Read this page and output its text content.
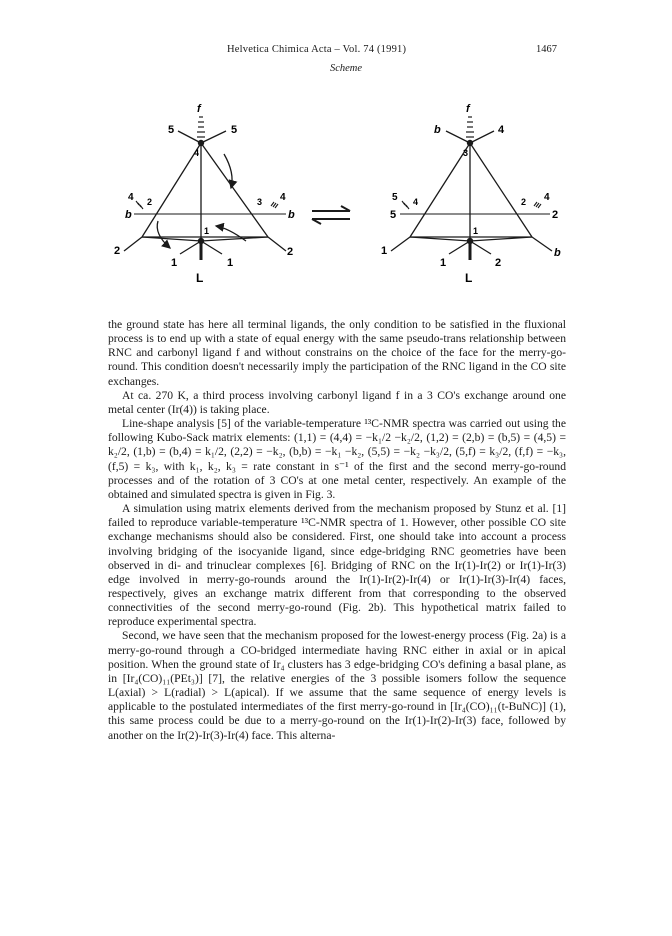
Helvetica Chimica Acta – Vol. 74 (1991)	1467
Scheme
f
5	5
4
4 2
b
2
3 4
b
2
1
1	1
L
f
b	4
3
5 4
5
1
2 4
2
b
1
1	2
L

the ground state has here all terminal ligands, the only condition to be satisfied in the fluxional process is to end up with a state of equal energy with the same pseudo-trans relationship between RNC and carbonyl ligand f and without constrains on the choice of the face for the merry-go-round. This condition doesn't necessarily imply the participation of the RNC ligand in the CO site exchanges.

At ca. 270 K, a third process involving carbonyl ligand f in a 3 CO's exchange around one metal center (Ir(4)) is taking place.

Line-shape analysis [5] of the variable-temperature ¹³C-NMR spectra was carried out using the following Kubo-Sack matrix elements: (1,1) = (4,4) = −k₁/2 −k₂/2, (1,2) = (2,b) = (b,5) = (4,5) = k₂/2, (1,b) = (b,4) = k₁/2, (2,2) = −k₂, (b,b) = −k₁ −k₂, (5,5) = −k₂ −k₃/2, (5,f) = k₃/2, (f,f) = −k₃, (f,5) = k₃, with k₁, k₂, k₃ = rate constant in s⁻¹ of the first and the second merry-go-round processes and of the rotation of 3 CO's at one metal center, respectively. An example of the obtained and simulated spectra is given in Fig. 3.

A simulation using matrix elements derived from the mechanism proposed by Stunz et al. [1] failed to reproduce variable-temperature ¹³C-NMR spectra of 1. However, other possible CO site exchange mechanisms should also be considered. First, one should take into account a process involving bridging of the isocyanide ligand, since edge-bridging RNC geometries have been observed in di- and trinuclear complexes [6]. Bridging of RNC on the Ir(1)-Ir(2) or Ir(1)-Ir(3) edge involved in merry-go-rounds around the Ir(1)-Ir(2)-Ir(4) or Ir(1)-Ir(3)-Ir(4) faces, respectively, gives an exchange matrix different from that corresponding to the observed connectivities of the second merry-go-round (Fig. 2b). This hypothetical matrix failed to reproduce experimental spectra.

Second, we have seen that the mechanism proposed for the lowest-energy process (Fig. 2a) is a merry-go-round through a CO-bridged intermediate having RNC either in axial or in apical position. When the ground state of Ir₄ clusters has 3 edge-bridging CO's defining a basal plane, as in [Ir₄(CO)₁₁(PEt₃)] [7], the relative energies of the 3 possible isomers follow the sequence L(axial) > L(radial) > L(apical). If we assume that the same sequence of energy levels is applicable to the postulated intermediates of the first merry-go-round in [Ir₄(CO)₁₁(t-BuNC)] (1), this same process could be due to a merry-go-round on the Ir(1)-Ir(2)-Ir(3) face, followed by another on the Ir(2)-Ir(3)-Ir(4) face. This alterna-
